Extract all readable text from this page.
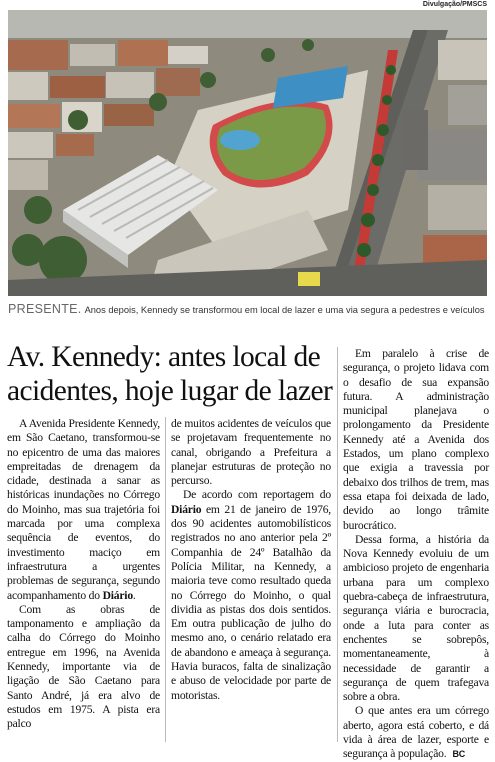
Divulgação/PMSCS
PRESENTE. Anos depois, Kennedy se transformou em local de lazer e uma via segura a pedestres e veículos
Av. Kennedy: antes local de acidentes, hoje lugar de lazer

A Avenida Presidente Kennedy, em São Caetano, transformou-se no epicentro de uma das maiores empreitadas de drenagem da cidade, destinada a sanar as históricas inundações no Córrego do Moinho, mas sua trajetória foi marcada por uma complexa sequência de eventos, do investimento maciço em infraestrutura a urgentes problemas de segurança, segundo acompanhamento do Diário.

Com as obras de tamponamento e ampliação da calha do Córrego do Moinho entregue em 1996, na Avenida Kennedy, importante via de ligação de São Caetano para Santo André, já era alvo de estudos em 1975. A pista era palco

de muitos acidentes de veículos que se projetavam frequentemente no canal, obrigando a Prefeitura a planejar estruturas de proteção no percurso.

De acordo com reportagem do Diário em 21 de janeiro de 1976, dos 90 acidentes automobilísticos registrados no ano anterior pela 2º Companhia de 24º Batalhão da Polícia Militar, na Kennedy, a maioria teve como resultado queda no Córrego do Moinho, o qual dividia as pistas dos dois sentidos. Em outra publicação de julho do mesmo ano, o cenário relatado era de abandono e ameaça à segurança. Havia buracos, falta de sinalização e abuso de velocidade por parte de motoristas.

Em paralelo à crise de segurança, o projeto lidava com o desafio de sua expansão futura. A administração municipal planejava o prolongamento da Presidente Kennedy até a Avenida dos Estados, um plano complexo que exigia a travessia por debaixo dos trilhos de trem, mas essa etapa foi deixada de lado, devido ao longo trâmite burocrático.

Dessa forma, a história da Nova Kennedy evoluiu de um ambicioso projeto de engenharia urbana para um complexo quebra-cabeça de infraestrutura, segurança viária e burocracia, onde a luta para conter as enchentes se sobrepôs, momentaneamente, à necessidade de garantir a segurança de quem trafegava sobre a obra.

O que antes era um córrego aberto, agora está coberto, e dá vida à área de lazer, esporte e segurança à população. BC
